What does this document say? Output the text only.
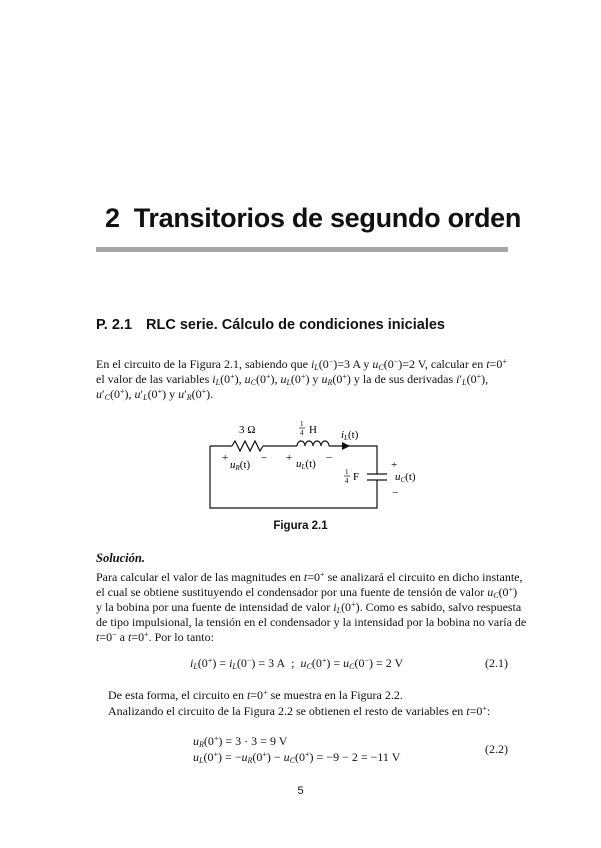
2 Transitorios de segundo orden
P. 2.1 RLC serie. Cálculo de condiciones iniciales
En el circuito de la Figura 2.1, sabiendo que $i_L(0^-)=3$ A y $u_C(0^-)=2$ V, calcular en t=0+
el valor de las variables $i_L(0^+)$, $u_C(0^+)$, $u_L(0^+)$ y $u_R(0^+)$ y la de sus derivadas $i'_L(0^+)$,
$u'_C(0^+)$, $u'_L(0^+)$ y $u'_R(0^+)$.
3 Ω	1
4 H iL(t)
+	−
uR(t)
+	−
uL(t)
1
4 F
+
uC(t)
−
Figura 2.1
Solución.
Para calcular el valor de las magnitudes en t=0+ se analizará el circuito en dicho instante,
el cual se obtiene sustituyendo el condensador por una fuente de tensión de valor $u_C(0^+)$
y la bobina por una fuente de intensidad de valor $i_L(0^+)$. Como es sabido, salvo respuesta
de tipo impulsional, la tensión en el condensador y la intensidad por la bobina no varía de
t=0− a t=0+. Por lo tanto:
$i_L(0^+) = i_L(0^-) = 3$ A ; $u_C(0^+) = u_C(0^-) = 2$ V	(2.1)
De esta forma, el circuito en t=0+ se muestra en la Figura 2.2.
Analizando el circuito de la Figura 2.2 se obtienen el resto de variables en t=0+:
$u_R(0^+) = 3 \cdot 3 = 9$ V
$u_L(0^+) = -u_R(0^+) - u_C(0^+) = -9 - 2 = -11$ V
(2.2)
5
